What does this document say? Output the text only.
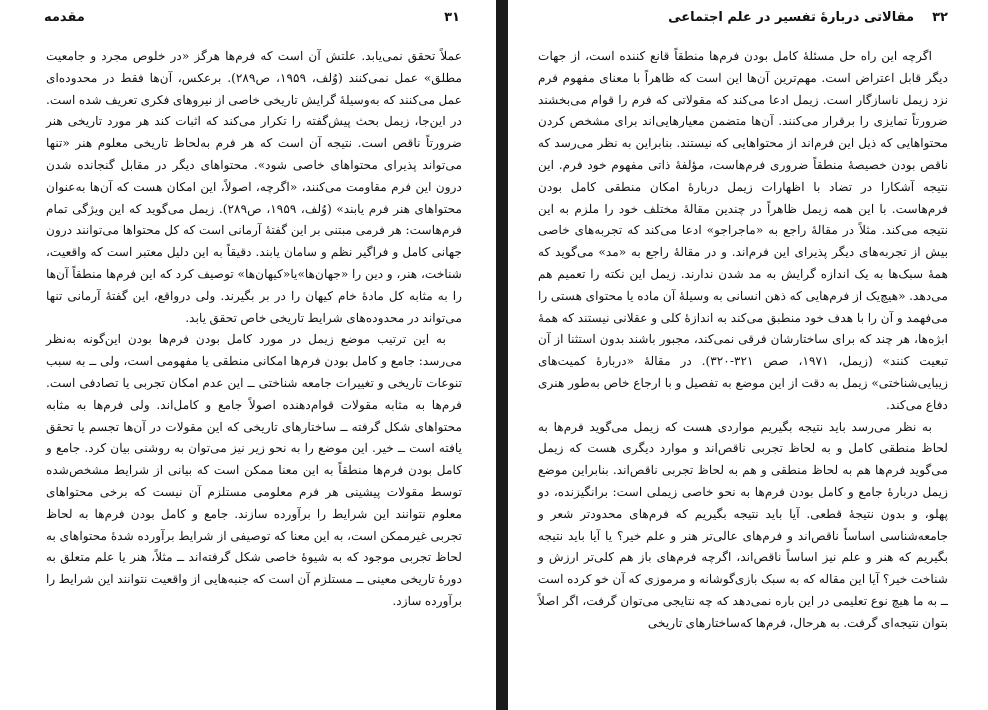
۳۱
مقدمه

عملاً تحقق نمی‌یابد. علتش آن است که فرم‌ها هرگز «در خلوص مجرد و جامعیت مطلق» عمل نمی‌کنند (وُلف، ۱۹۵۹، ص۲۸۹). برعکس، آن‌ها فقط در محدوده‌ای عمل می‌کنند که به‌وسیلهٔ گرایش تاریخی خاصی از نیروهای فکری تعریف شده است. در این‌جا، زیمل بحث پیش‌گفته را تکرار می‌کند که اثبات کند هر مورد تاریخی هنر ضرورتاً ناقص است. نتیجه آن است که هر فرم به‌لحاظ تاریخی معلوم هنر «تنها می‌تواند پذیرای محتواهای خاصی شود». محتواهای دیگر در مقابل گنجانده شدن درون این فرم مقاومت می‌کنند، «اگرچه، اصولاً، این امکان هست که آن‌ها به‌عنوان محتواهای هنر فرم یابند» (وُلف، ۱۹۵۹، ص۲۸۹). زیمل می‌گوید که این ویژگی تمام فرم‌هاست: هر فرمی مبتنی بر این گفتهٔ آرمانی است که کل محتواها می‌توانند درون جهانی کامل و فراگیر نظم و سامان یابند. دقیقاً به این دلیل معتبر است که واقعیت، شناخت، هنر، و دین را «جهان‌ها»یا«کیهان‌ها» توصیف کرد که این فرم‌ها منطقاً آن‌ها را به مثابه کل مادهٔ خام کیهان را در بر بگیرند. ولی درواقع، این گفتهٔ آرمانی تنها می‌تواند در محدوده‌های شرایط تاریخی خاص تحقق یابد.

به این ترتیب موضع زیمل در مورد کامل بودن فرم‌ها بودن این‌گونه به‌نظر می‌رسد: جامع و کامل بودن فرم‌ها امکانی منطقی یا مفهومی است، ولی ــ به سبب تنوعات تاریخی و تغییرات جامعه شناختی ــ این عدم امکان تجربی یا تصادفی است. فرم‌ها به مثابه مقولات قوام‌دهنده اصولاً جامع و کامل‌اند. ولی فرم‌ها به مثابه محتواهای شکل گرفته ــ ساختارهای تاریخی که این مقولات در آن‌ها تجسم یا تحقق یافته است ــ خیر. این موضع را به نحو زیر نیز می‌توان به روشنی بیان کرد. جامع و کامل بودن فرم‌ها منطقاً به این معنا ممکن است که بیانی از شرایط مشخص‌شده توسط مقولات پیشینی هر فرم معلومی مستلزم آن نیست که برخی محتواهای معلوم نتوانند این شرایط را برآورده سازند. جامع و کامل بودن فرم‌ها به لحاظ تجربی غیرممکن است، به این معنا که توصیفی از شرایط برآورده شدهٔ محتواهای به لحاظ تجربی موجود که به شیوهٔ خاصی شکل گرفته‌اند ــ مثلاً، هنر یا علم متعلق به دورهٔ تاریخی معینی ــ مستلزم آن است که جنبه‌هایی از واقعیت نتوانند این شرایط را برآورده سازد.

۳۲
مقالاتی دربارهٔ تفسیر در علم اجتماعی

اگرچه این راه حل مسئلهٔ کامل بودن فرم‌ها منطقاً قانع کننده است، از جهات دیگر قابل اعتراض است. مهم‌ترین آن‌ها این است که ظاهراً با معنای مفهوم فرم نزد زیمل ناسازگار است. زیمل ادعا می‌کند که مقولاتی که فرم را قوام می‌بخشند ضرورتاً تمایزی را برقرار می‌کنند. آن‌ها متضمن معیارهایی‌اند برای مشخص کردن محتواهایی که ذیل این فرم‌اند از محتواهایی که نیستند. بنابراین به نظر می‌رسد که ناقص بودن خصیصهٔ منطقاً ضروری فرم‌هاست، مؤلفهٔ ذاتی مفهوم خود فرم. این نتیجه آشکارا در تضاد با اظهارات زیمل دربارهٔ امکان منطقی کامل بودن فرم‌هاست. با این همه زیمل ظاهراً در چندین مقالهٔ مختلف خود را ملزم به این نتیجه می‌کند. مثلاً در مقالهٔ راجع به «ماجراجو» ادعا می‌کند که تجربه‌های خاصی بیش از تجربه‌های دیگر پذیرای این فرم‌اند. و در مقالهٔ راجع به «مد» می‌گوید که همهٔ سبک‌ها به یک اندازه گرایش به مد شدن ندارند. زیمل این نکته را تعمیم هم می‌دهد. «هیچ‌یک از فرم‌هایی که ذهن انسانی به وسیلهٔ آن ماده یا محتوای هستی را می‌فهمد و آن را با هدف خود منطبق می‌کند به اندازهٔ کلی و عقلانی نیستند که همهٔ ابژه‌ها، هر چند که برای ساختارشان فرقی نمی‌کند، مجبور باشند بدون استثنا از آن تبعیت کنند» (زیمل، ۱۹۷۱، صص ۳۲۱-۳۲۰). در مقالهٔ «دربارهٔ کمیت‌های زیبایی‌شناختی» زیمل به دقت از این موضع به تفصیل و با ارجاع خاص به‌طور هنری دفاع می‌کند.

به نظر می‌رسد باید نتیجه بگیریم مواردی هست که زیمل می‌گوید فرم‌ها به لحاظ منطقی کامل و به لحاظ تجربی ناقص‌اند و موارد دیگری هست که زیمل می‌گوید فرم‌ها هم به لحاظ منطقی و هم به لحاظ تجربی ناقص‌اند. بنابراین موضع زیمل دربارهٔ جامع و کامل بودن فرم‌ها به نحو خاصی زیملی است: برانگیزنده، دو پهلو، و بدون نتیجهٔ قطعی. آیا باید نتیجه بگیریم که فرم‌های محدودتر شعر و جامعه‌شناسی اساساً ناقص‌اند و فرم‌های عالی‌تر هنر و علم خیر؟ یا آیا باید نتیجه بگیریم که هنر و علم نیز اساساً ناقص‌اند، اگرچه فرم‌های باز هم کلی‌تر ارزش و شناخت خیر؟ آیا این مقاله که به سبک بازی‌گوشانه و مرموزی که آن خو کرده است ــ به ما هیچ نوع تعلیمی در این باره نمی‌دهد که چه نتایجی می‌توان گرفت، اگر اصلاً بتوان نتیجه‌ای گرفت. به هرحال، فرم‌ها که‌ساختارهای تاریخی
